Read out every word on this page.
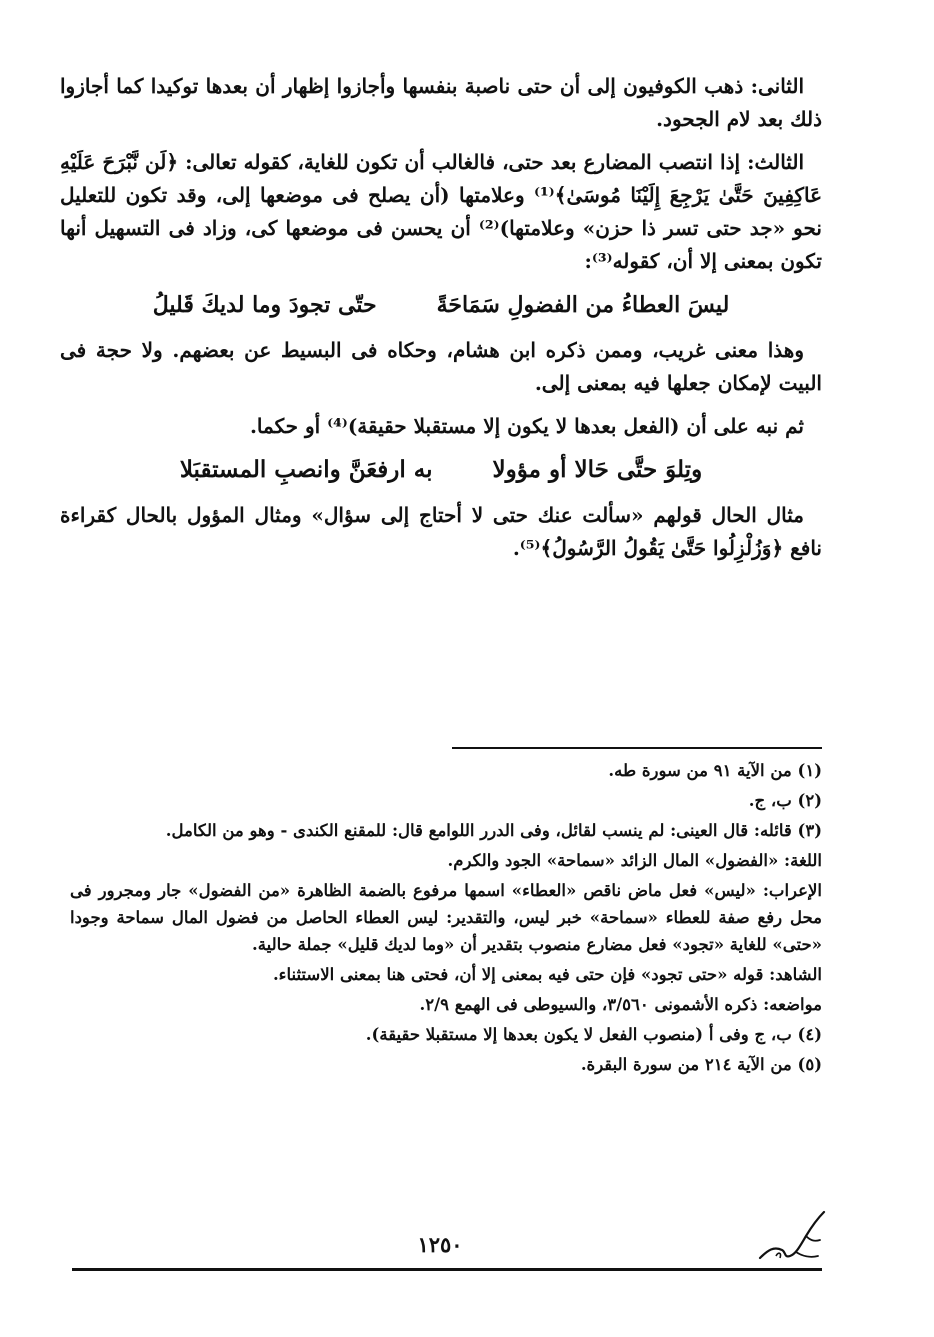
الثانى: ذهب الكوفيون إلى أن حتى ناصبة بنفسها وأجازوا إظهار أن بعدها توكيدا كما أجازوا ذلك بعد لام الجحود.

الثالث: إذا انتصب المضارع بعد حتى، فالغالب أن تكون للغاية، كقوله تعالى: ﴿لَن نَّبْرَحَ عَلَيْهِ عَاكِفِينَ حَتَّىٰ يَرْجِعَ إِلَيْنَا مُوسَىٰ﴾⁽¹⁾ وعلامتها (أن يصلح فى موضعها إلى، وقد تكون للتعليل نحو «جد حتى تسر ذا حزن» وعلامتها)⁽²⁾ أن يحسن فى موضعها كى، وزاد فى التسهيل أنها تكون بمعنى إلا أن، كقوله⁽³⁾:

ليسَ العطاءُ من الفضولِ سَمَاحَةً
حتّى تجودَ وما لديكَ قَليلُ

وهذا معنى غريب، وممن ذكره ابن هشام، وحكاه فى البسيط عن بعضهم. ولا حجة فى البيت لإمكان جعلها فيه بمعنى إلى.

ثم نبه على أن (الفعل بعدها لا يكون إلا مستقبلا حقيقة)⁽⁴⁾ أو حكما.

وتِلوَ حتَّى حَالا أو مؤولا
به ارفعَنَّ وانصبِ المستقبَلا

مثال الحال قولهم «سألت عنك حتى لا أحتاج إلى سؤال» ومثال المؤول بالحال كقراءة نافع ﴿وَزُلْزِلُوا حَتَّىٰ يَقُولُ الرَّسُولُ﴾⁽⁵⁾.

(١) من الآية ٩١ من سورة طه.
(٢) ب، ج.
(٣) قائله: قال العينى: لم ينسب لقائل، وفى الدرر اللوامع قال: للمقنع الكندى - وهو من الكامل.
اللغة: «الفضول» المال الزائد «سماحة» الجود والكرم.
الإعراب: «ليس» فعل ماض ناقص «العطاء» اسمها مرفوع بالضمة الظاهرة «من الفضول» جار ومجرور فى محل رفع صفة للعطاء «سماحة» خبر ليس، والتقدير: ليس العطاء الحاصل من فضول المال سماحة وجودا «حتى» للغاية «تجود» فعل مضارع منصوب بتقدير أن «وما لديك قليل» جملة حالية.
الشاهد: قوله «حتى تجود» فإن حتى فيه بمعنى إلا أن، فحتى هنا بمعنى الاستثناء.
مواضعه: ذكره الأشمونى ٣/٥٦٠، والسيوطى فى الهمع ٢/٩.
(٤) ب، ج وفى أ (منصوب الفعل لا يكون بعدها إلا مستقبلا حقيقة).
(٥) من الآية ٢١٤ من سورة البقرة.
١٢٥٠
